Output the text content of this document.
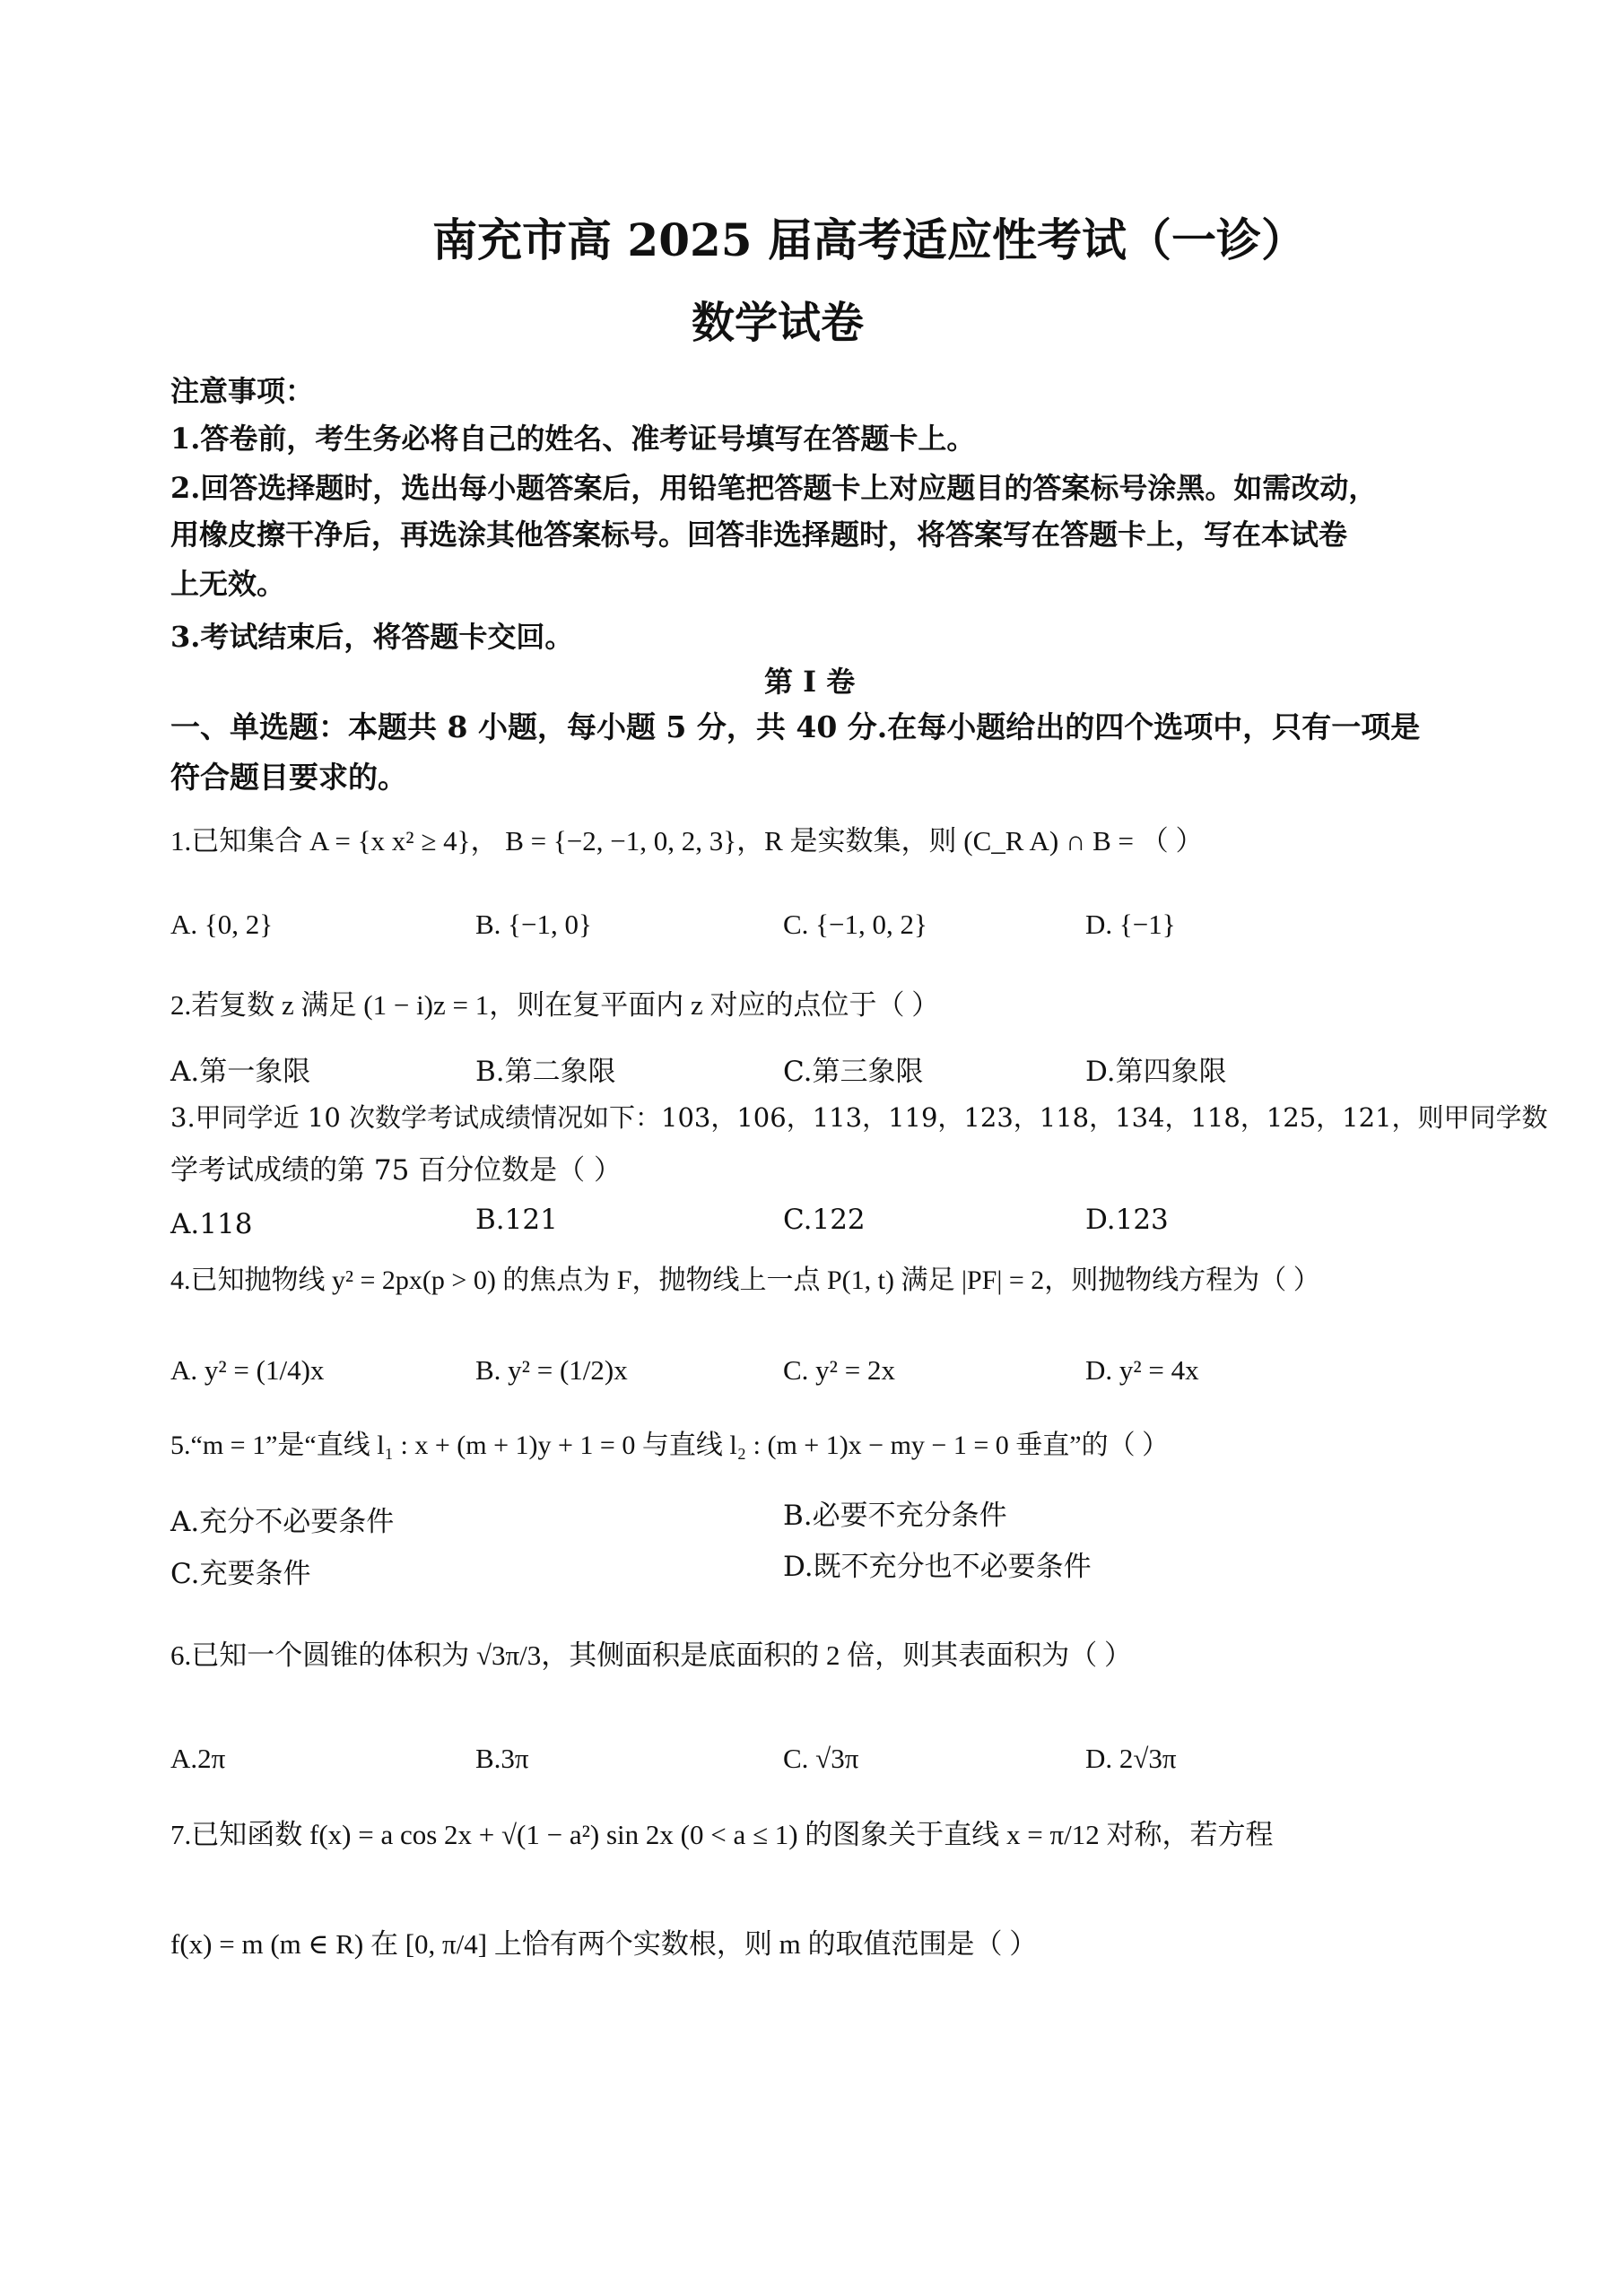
南充市高 2025 届高考适应性考试（一诊）
数学试卷
注意事项：
1.答卷前，考生务必将自己的姓名、准考证号填写在答题卡上。
2.回答选择题时，选出每小题答案后，用铅笔把答题卡上对应题目的答案标号涂黑。如需改动，
用橡皮擦干净后，再选涂其他答案标号。回答非选择题时，将答案写在答题卡上，写在本试卷
上无效。
3.考试结束后，将答题卡交回。
第 I 卷
一、单选题：本题共 8 小题，每小题 5 分，共 40 分.在每小题给出的四个选项中，只有一项是
符合题目要求的。
1.已知集合 A = {x x² ≥ 4}， B = {−2, −1, 0, 2, 3}，R 是实数集，则 (C_R A) ∩ B = （ ）
A. {0, 2}	B. {−1, 0}	C. {−1, 0, 2}	D. {−1}
2.若复数 z 满足 (1 − i)z = 1，则在复平面内 z 对应的点位于（ ）
A.第一象限	B.第二象限	C.第三象限	D.第四象限
3.甲同学近 10 次数学考试成绩情况如下：103，106，113，119，123，118，134，118，125，121，则甲同学数
学考试成绩的第 75 百分位数是（ ）
A.118	B.121	C.122	D.123
4.已知抛物线 y² = 2px(p > 0) 的焦点为 F，抛物线上一点 P(1, t) 满足 |PF| = 2，则抛物线方程为（ ）
A. y² = (1/4)x	B. y² = (1/2)x	C. y² = 2x	D. y² = 4x
5.“m = 1”是“直线 l₁ : x + (m + 1)y + 1 = 0 与直线 l₂ : (m + 1)x − my − 1 = 0 垂直”的（ ）
A.充分不必要条件	B.必要不充分条件
C.充要条件	D.既不充分也不必要条件
6.已知一个圆锥的体积为 √3π/3，其侧面积是底面积的 2 倍，则其表面积为（ ）
A.2π	B.3π	C. √3π	D. 2√3π
7.已知函数 f(x) = a cos 2x + √(1 − a²) sin 2x (0 < a ≤ 1) 的图象关于直线 x = π/12 对称，若方程
f(x) = m (m ∈ R) 在 [0, π/4] 上恰有两个实数根，则 m 的取值范围是（ ）
